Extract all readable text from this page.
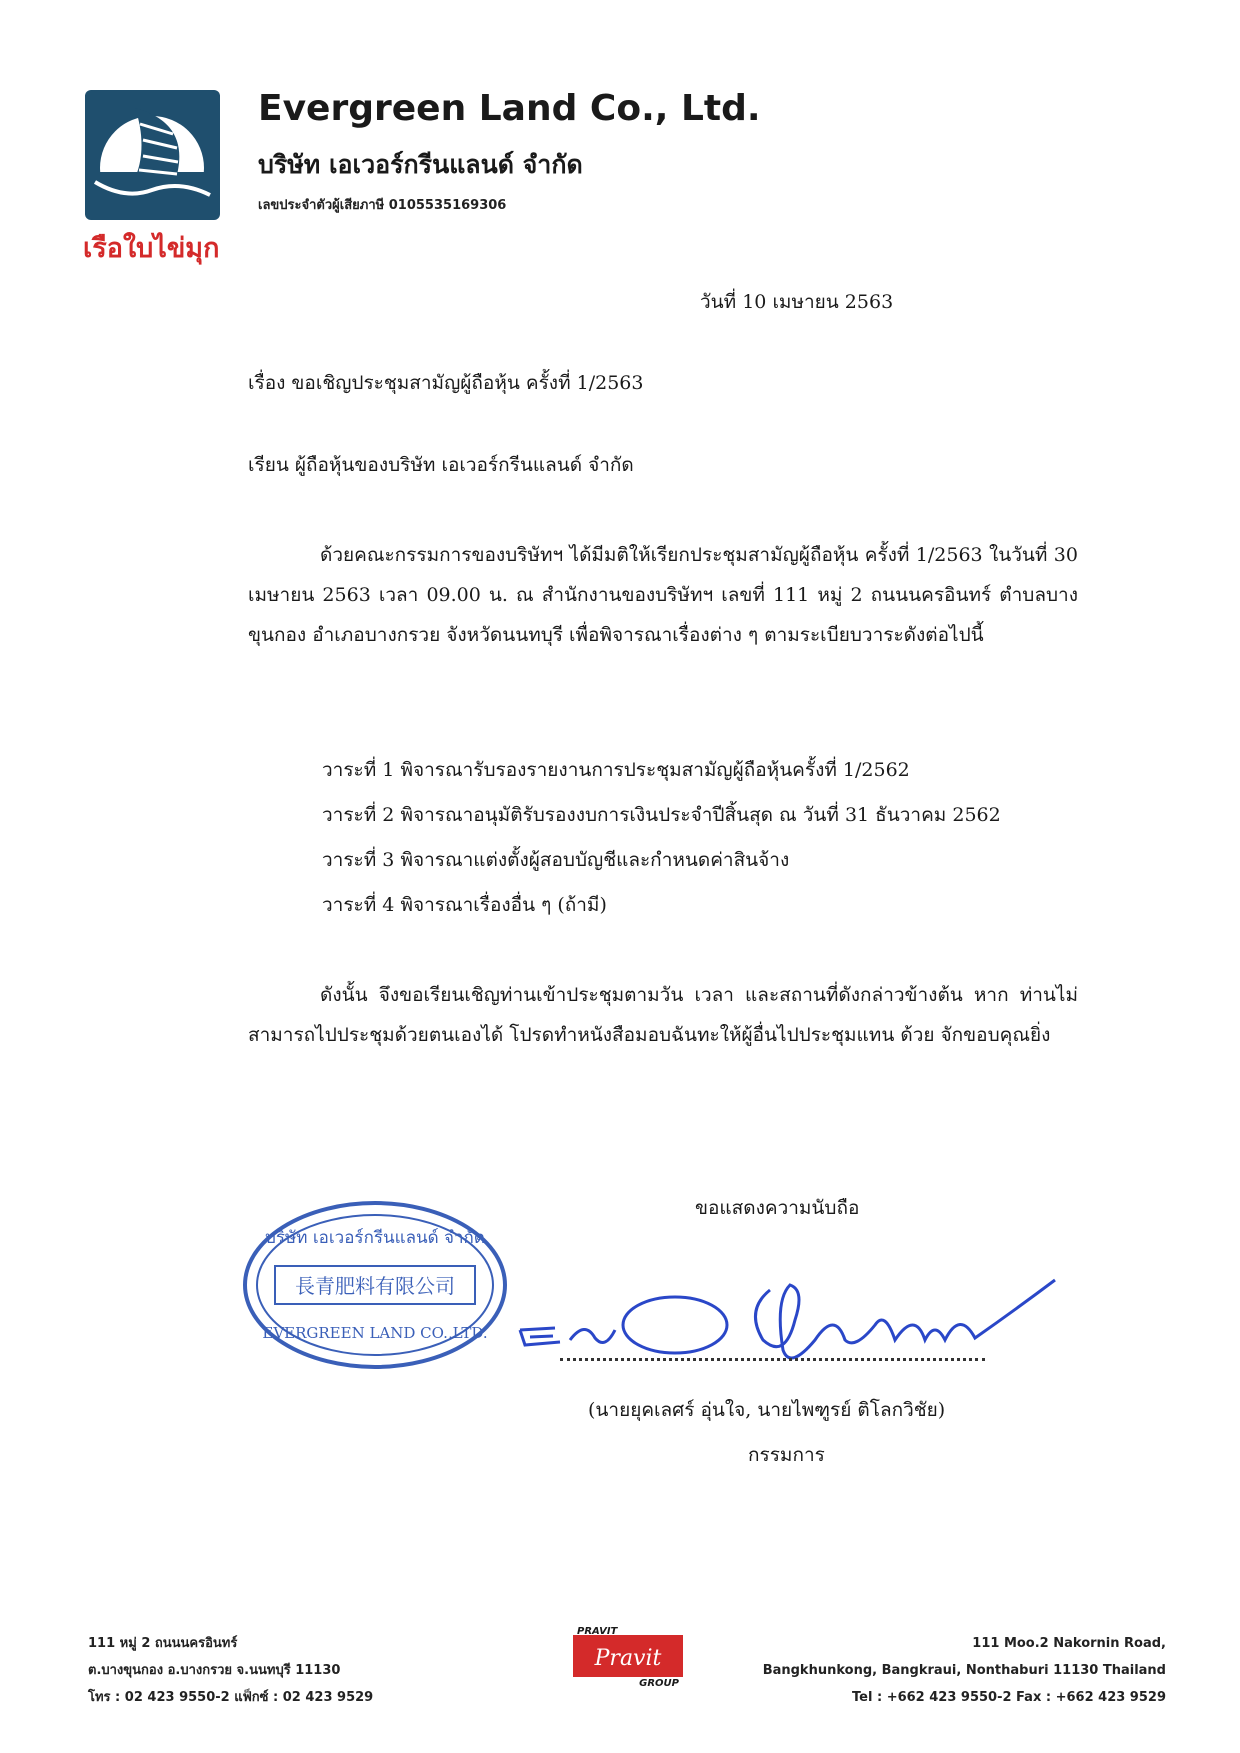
เรือใบไข่มุก
Evergreen Land Co., Ltd.
บริษัท เอเวอร์กรีนแลนด์ จำกัด
เลขประจำตัวผู้เสียภาษี 0105535169306
วันที่ 10 เมษายน 2563
เรื่อง ขอเชิญประชุมสามัญผู้ถือหุ้น ครั้งที่ 1/2563
เรียน ผู้ถือหุ้นของบริษัท เอเวอร์กรีนแลนด์ จำกัด
ด้วยคณะกรรมการของบริษัทฯ ได้มีมติให้เรียกประชุมสามัญผู้ถือหุ้น ครั้งที่ 1/2563 ในวันที่ 30 เมษายน 2563 เวลา 09.00 น. ณ สำนักงานของบริษัทฯ เลขที่ 111 หมู่ 2 ถนนนครอินทร์ ตำบลบางขุนกอง อำเภอบางกรวย จังหวัดนนทบุรี เพื่อพิจารณาเรื่องต่าง ๆ ตามระเบียบวาระดังต่อไปนี้
วาระที่ 1 พิจารณารับรองรายงานการประชุมสามัญผู้ถือหุ้นครั้งที่ 1/2562
วาระที่ 2 พิจารณาอนุมัติรับรองงบการเงินประจำปีสิ้นสุด ณ วันที่ 31 ธันวาคม 2562
วาระที่ 3 พิจารณาแต่งตั้งผู้สอบบัญชีและกำหนดค่าสินจ้าง
วาระที่ 4 พิจารณาเรื่องอื่น ๆ (ถ้ามี)
ดังนั้น จึงขอเรียนเชิญท่านเข้าประชุมตามวัน เวลา และสถานที่ดังกล่าวข้างต้น หาก ท่านไม่สามารถไปประชุมด้วยตนเองได้ โปรดทำหนังสือมอบฉันทะให้ผู้อื่นไปประชุมแทน ด้วย จักขอบคุณยิ่ง
ขอแสดงความนับถือ
บริษัท เอเวอร์กรีนแลนด์ จำกัด
長青肥料有限公司
EVERGREEN LAND CO.,LTD.
(นายยุคเลศร์ อุ่นใจ, นายไพฑูรย์ ติโลกวิชัย)
กรรมการ
111 หมู่ 2 ถนนนครอินทร์
ต.บางขุนกอง อ.บางกรวย จ.นนทบุรี 11130
โทร : 02 423 9550-2 แฟ็กซ์ : 02 423 9529
PRAVIT
Pravit
GROUP
111 Moo.2 Nakornin Road,
Bangkhunkong, Bangkraui, Nonthaburi 11130 Thailand
Tel : +662 423 9550-2 Fax : +662 423 9529
